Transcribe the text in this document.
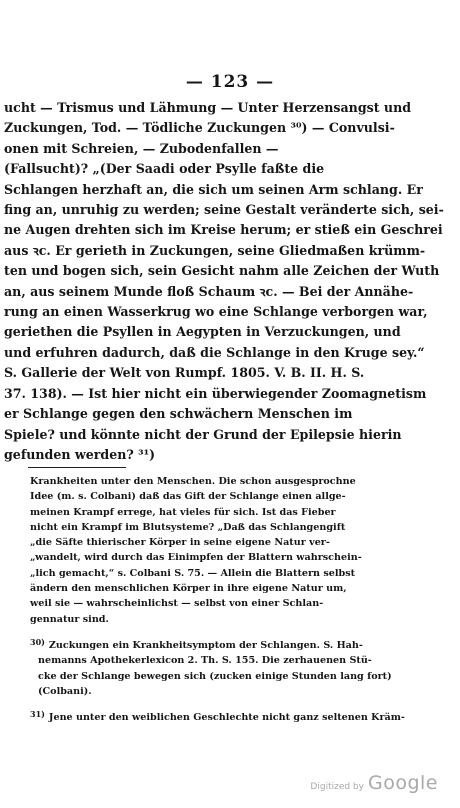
— 123 —
ucht — Trismus und Lähmung — Unter Herzensangst und
Zuckungen, Tod. — Tödliche Zuckungen ³⁰) — Convulsi-
onen mit Schreien, — Zubodenfallen —
(Fallsucht)? „(Der Saadi oder Psylle faßte die
Schlangen herzhaft an, die sich um seinen Arm schlang. Er
fing an, unruhig zu werden; seine Gestalt veränderte sich, sei-
ne Augen drehten sich im Kreise herum; er stieß ein Geschrei
aus ꝛc. Er gerieth in Zuckungen, seine Gliedmaßen krümm-
ten und bogen sich, sein Gesicht nahm alle Zeichen der Wuth
an, aus seinem Munde floß Schaum ꝛc. — Bei der Annähe-
rung an einen Wasserkrug wo eine Schlange verborgen war,
geriethen die Psyllen in Aegypten in Verzuckungen, und
und erfuhren dadurch, daß die Schlange in den Kruge sey.“
S. Gallerie der Welt von Rumpf. 1805. V. B. II. H. S.
37. 138). — Ist hier nicht ein überwiegender Zoomagnetism
er Schlange gegen den schwächern Menschen im
Spiele? und könnte nicht der Grund der Epilepsie hierin
gefunden werden? ³¹)
Krankheiten unter den Menschen. Die schon ausgesprochne
Idee (m. s. Colbani) daß das Gift der Schlange einen allge-
meinen Krampf errege, hat vieles für sich. Ist das Fieber
nicht ein Krampf im Blutsysteme? „Daß das Schlangengift
„die Säfte thierischer Körper in seine eigene Natur ver-
„wandelt, wird durch das Einimpfen der Blattern wahrschein-
„lich gemacht,“ s. Colbani S. 75. — Allein die Blattern selbst
ändern den menschlichen Körper in ihre eigene Natur um,
weil sie — wahrscheinlichst — selbst von einer Schlan-
gennatur sind.
$^{30)}$ Zuckungen ein Krankheitsymptom der Schlangen. S. Hah-
nemanns Apothekerlexicon 2. Th. S. 155. Die zerhauenen Stü-
cke der Schlange bewegen sich (zucken einige Stunden lang fort)
(Colbani).
$^{31)}$ Jene unter den weiblichen Geschlechte nicht ganz seltenen Kräm-
Digitized by Google
